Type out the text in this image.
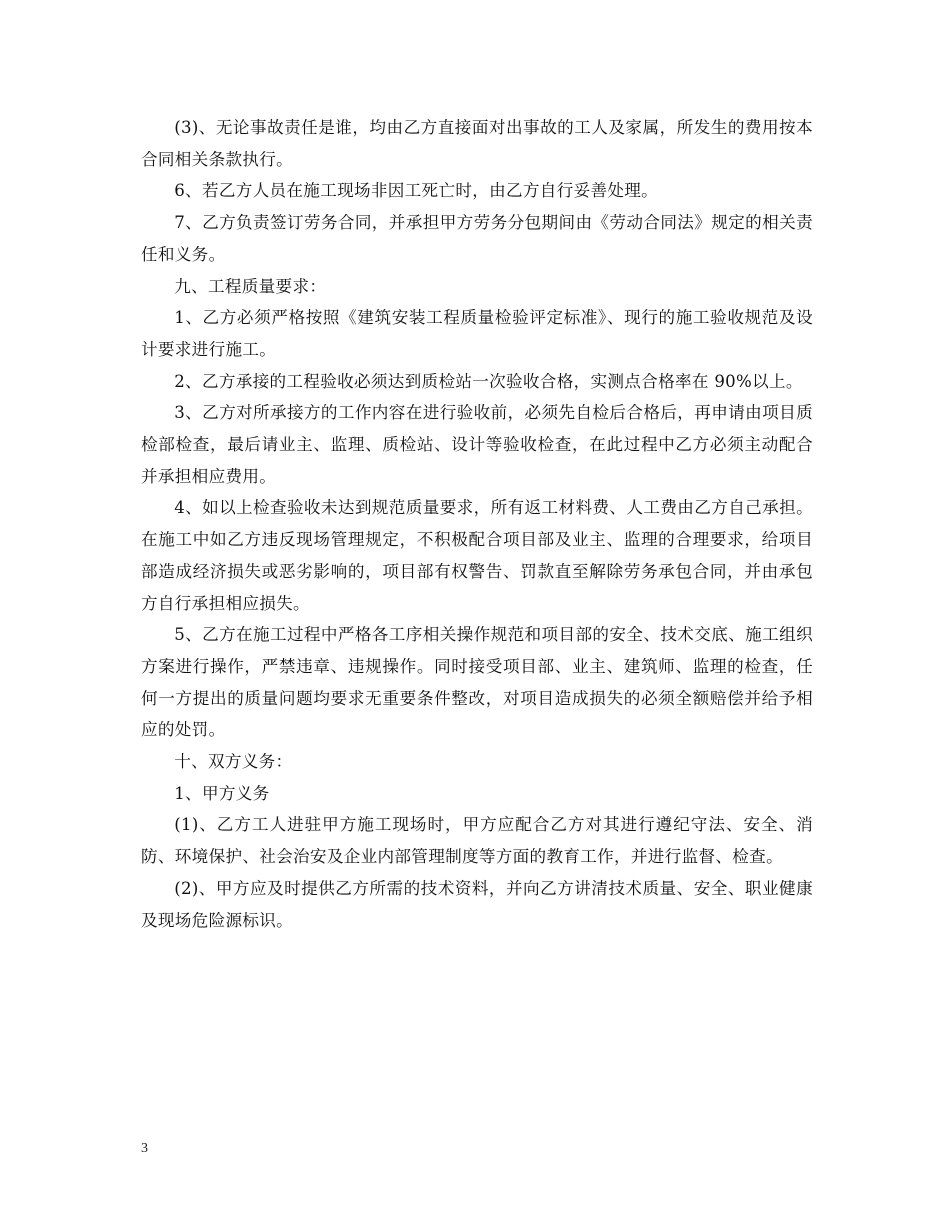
(3)、无论事故责任是谁，均由乙方直接面对出事故的工人及家属，所发生的费用按本合同相关条款执行。

6、若乙方人员在施工现场非因工死亡时，由乙方自行妥善处理。

7、乙方负责签订劳务合同，并承担甲方劳务分包期间由《劳动合同法》规定的相关责任和义务。

九、工程质量要求：

1、乙方必须严格按照《建筑安装工程质量检验评定标准》、现行的施工验收规范及设计要求进行施工。

2、乙方承接的工程验收必须达到质检站一次验收合格，实测点合格率在 90%以上。

3、乙方对所承接方的工作内容在进行验收前，必须先自检后合格后，再申请由项目质检部检查，最后请业主、监理、质检站、设计等验收检查，在此过程中乙方必须主动配合并承担相应费用。

4、如以上检查验收未达到规范质量要求，所有返工材料费、人工费由乙方自己承担。在施工中如乙方违反现场管理规定，不积极配合项目部及业主、监理的合理要求，给项目部造成经济损失或恶劣影响的，项目部有权警告、罚款直至解除劳务承包合同，并由承包方自行承担相应损失。

5、乙方在施工过程中严格各工序相关操作规范和项目部的安全、技术交底、施工组织方案进行操作，严禁违章、违规操作。同时接受项目部、业主、建筑师、监理的检查，任何一方提出的质量问题均要求无重要条件整改，对项目造成损失的必须全额赔偿并给予相应的处罚。

十、双方义务：

1、甲方义务

(1)、乙方工人进驻甲方施工现场时，甲方应配合乙方对其进行遵纪守法、安全、消防、环境保护、社会治安及企业内部管理制度等方面的教育工作，并进行监督、检查。

(2)、甲方应及时提供乙方所需的技术资料，并向乙方讲清技术质量、安全、职业健康及现场危险源标识。

3
